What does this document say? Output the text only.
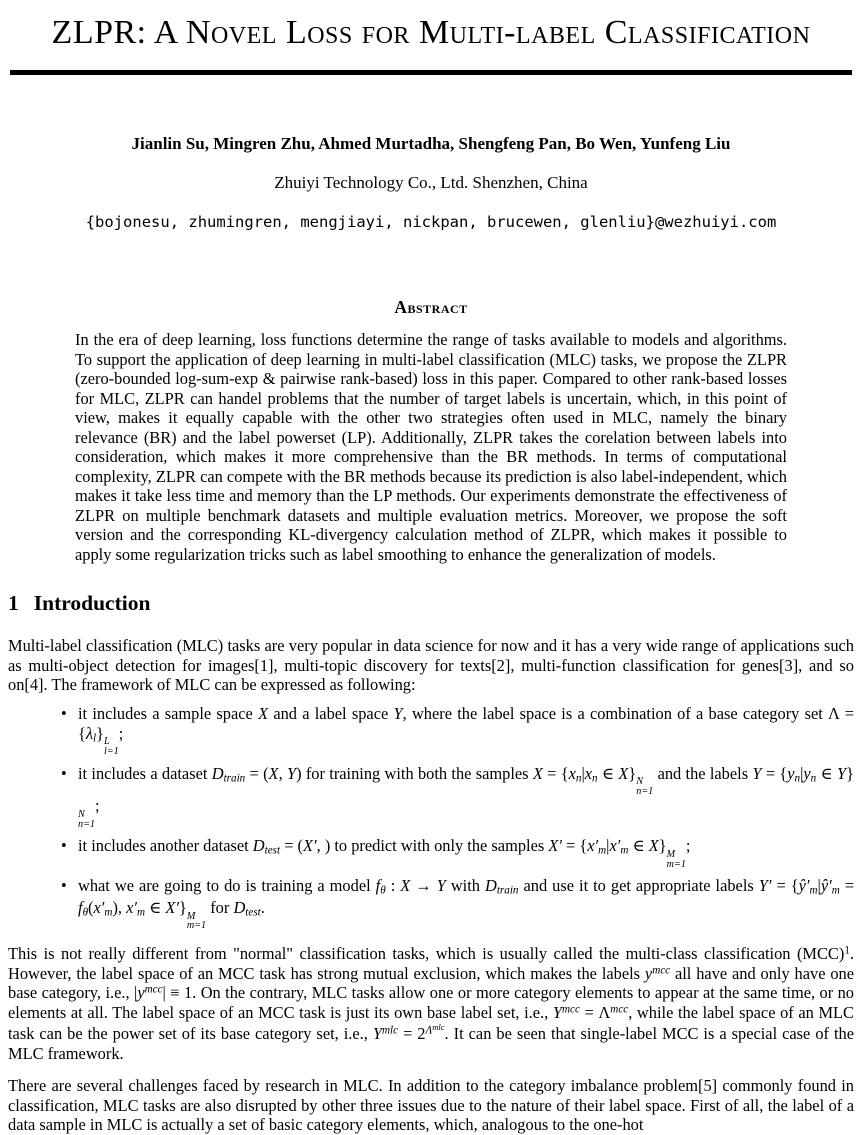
ZLPR: A Novel Loss for Multi-label Classification
Jianlin Su, Mingren Zhu, Ahmed Murtadha, Shengfeng Pan, Bo Wen, Yunfeng Liu
Zhuiyi Technology Co., Ltd. Shenzhen, China
{bojonesu, zhumingren, mengjiayi, nickpan, brucewen, glenliu}@wezhuiyi.com
Abstract

In the era of deep learning, loss functions determine the range of tasks available to models and algorithms. To support the application of deep learning in multi-label classification (MLC) tasks, we propose the ZLPR (zero-bounded log-sum-exp & pairwise rank-based) loss in this paper. Compared to other rank-based losses for MLC, ZLPR can handel problems that the number of target labels is uncertain, which, in this point of view, makes it equally capable with the other two strategies often used in MLC, namely the binary relevance (BR) and the label powerset (LP). Additionally, ZLPR takes the corelation between labels into consideration, which makes it more comprehensive than the BR methods. In terms of computational complexity, ZLPR can compete with the BR methods because its prediction is also label-independent, which makes it take less time and memory than the LP methods. Our experiments demonstrate the effectiveness of ZLPR on multiple benchmark datasets and multiple evaluation metrics. Moreover, we propose the soft version and the corresponding KL-divergency calculation method of ZLPR, which makes it possible to apply some regularization tricks such as label smoothing to enhance the generalization of models.

1 Introduction

Multi-label classification (MLC) tasks are very popular in data science for now and it has a very wide range of applications such as multi-object detection for images[1], multi-topic discovery for texts[2], multi-function classification for genes[3], and so on[4]. The framework of MLC can be expressed as following:

• it includes a sample space X and a label space Y, where the label space is a combination of a base category set Λ = {λl} L
l=1
;
• it includes a dataset Dtrain = (X, Y) for training with both the samples X = {xn|xn ∈ X} N
n=1
and the labels Y = {yn|yn ∈ Y}
N
n=1
;
• it includes another dataset Dtest = (X′, ) to predict with only the samples X′ = {x′m|x′m ∈ X} M
m=1
;
• what we are going to do is training a model fθ : X → Y with Dtrain and use it to get appropriate labels Y′ = {ŷ′m|ŷ′m = fθ(x′m), x′m ∈ X′} M
m=1
for Dtest.

This is not really different from "normal" classification tasks, which is usually called the multi-class classification (MCC)$^1$. However, the label space of an MCC task has strong mutual exclusion, which makes the labels $y^{mcc}$ all have and only have one base category, i.e., $|y^{mcc}| \equiv 1$. On the contrary, MLC tasks allow one or more category elements to appear at the same time, or no elements at all. The label space of an MCC task is just its own base label set, i.e., $Y^{mcc} = \Lambda^{mcc}$, while the label space of an MLC task can be the power set of its base category set, i.e., $Y^{mlc} = 2^{\Lambda mlc}$. It can be seen that single-label MCC is a special case of the MLC framework.

There are several challenges faced by research in MLC. In addition to the category imbalance problem[5] commonly found in classification, MLC tasks are also disrupted by other three issues due to the nature of their label space. First of all, the label of a data sample in MLC is actually a set of basic category elements, which, analogous to the one-hot
